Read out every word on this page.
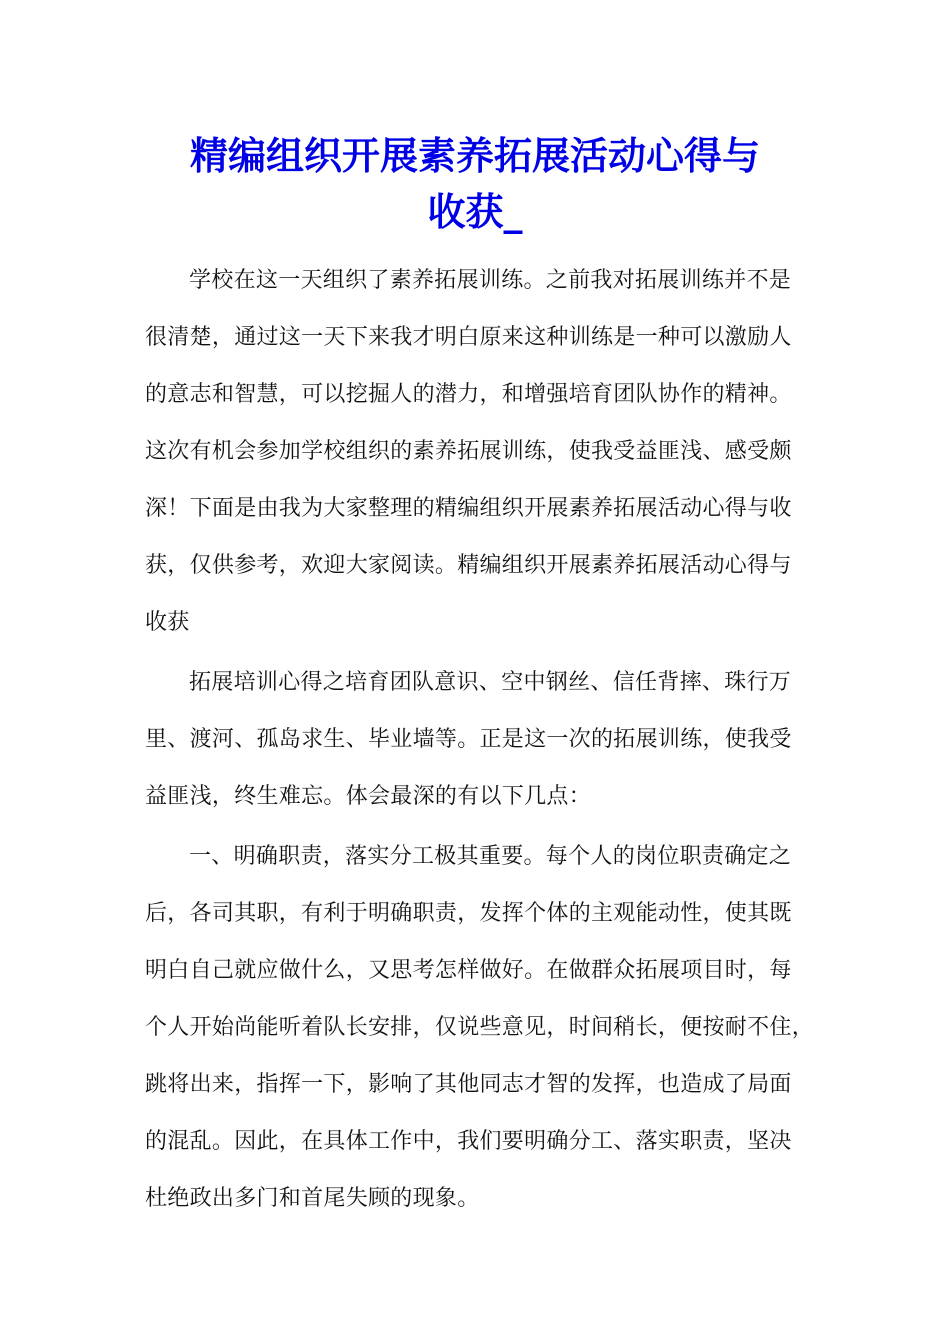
精编组织开展素养拓展活动心得与
收获_
学校在这一天组织了素养拓展训练。之前我对拓展训练并不是
很清楚，通过这一天下来我才明白原来这种训练是一种可以激励人
的意志和智慧，可以挖掘人的潜力，和增强培育团队协作的精神。
这次有机会参加学校组织的素养拓展训练，使我受益匪浅、感受颇
深！下面是由我为大家整理的精编组织开展素养拓展活动心得与收
获，仅供参考，欢迎大家阅读。精编组织开展素养拓展活动心得与
收获
拓展培训心得之培育团队意识、空中钢丝、信任背摔、珠行万
里、渡河、孤岛求生、毕业墙等。正是这一次的拓展训练，使我受
益匪浅，终生难忘。体会最深的有以下几点：
一、明确职责，落实分工极其重要。每个人的岗位职责确定之
后，各司其职，有利于明确职责，发挥个体的主观能动性，使其既
明白自己就应做什么，又思考怎样做好。在做群众拓展项目时，每
个人开始尚能听着队长安排，仅说些意见，时间稍长，便按耐不住，
跳将出来，指挥一下，影响了其他同志才智的发挥，也造成了局面
的混乱。因此，在具体工作中，我们要明确分工、落实职责，坚决
杜绝政出多门和首尾失顾的现象。
